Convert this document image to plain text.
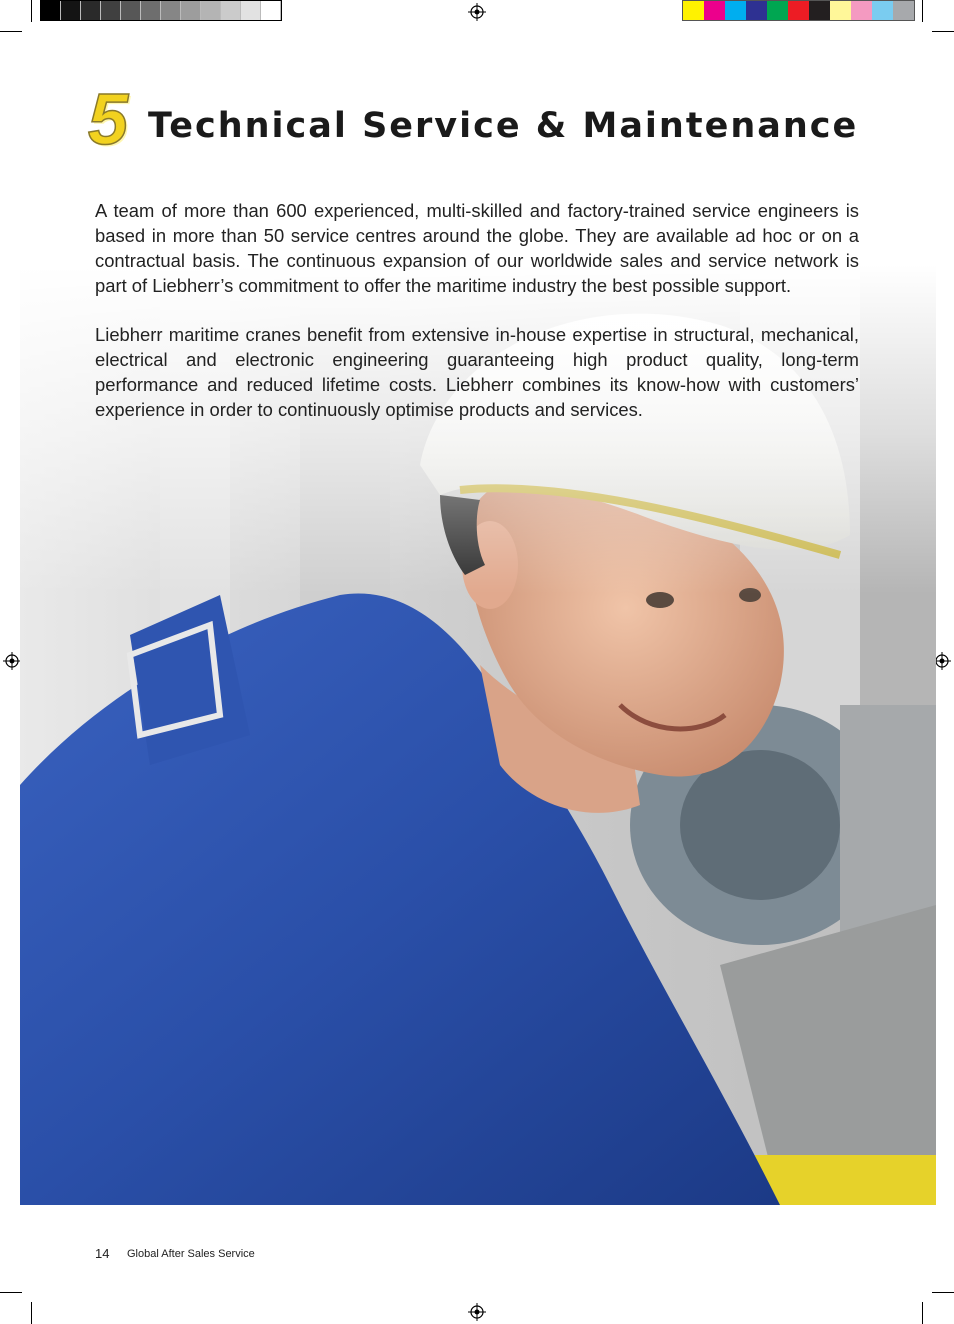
5 Technical Service & Maintenance

A team of more than 600 experienced, multi-skilled and factory-trained service engineers is based in more than 50 service centres around the globe. They are available ad hoc or on a contractual basis. The continuous expansion of our worldwide sales and service network is part of Liebherr’s commitment to offer the maritime industry the best possible support.

Liebherr maritime cranes benefit from extensive in-house expertise in structural, mechanical, electrical and electronic engineering guaranteeing high product quality, long-term performance and reduced lifetime costs. Liebherr combines its know-how with customers’ experience in order to continuously optimise products and services.

14 Global After Sales Service
